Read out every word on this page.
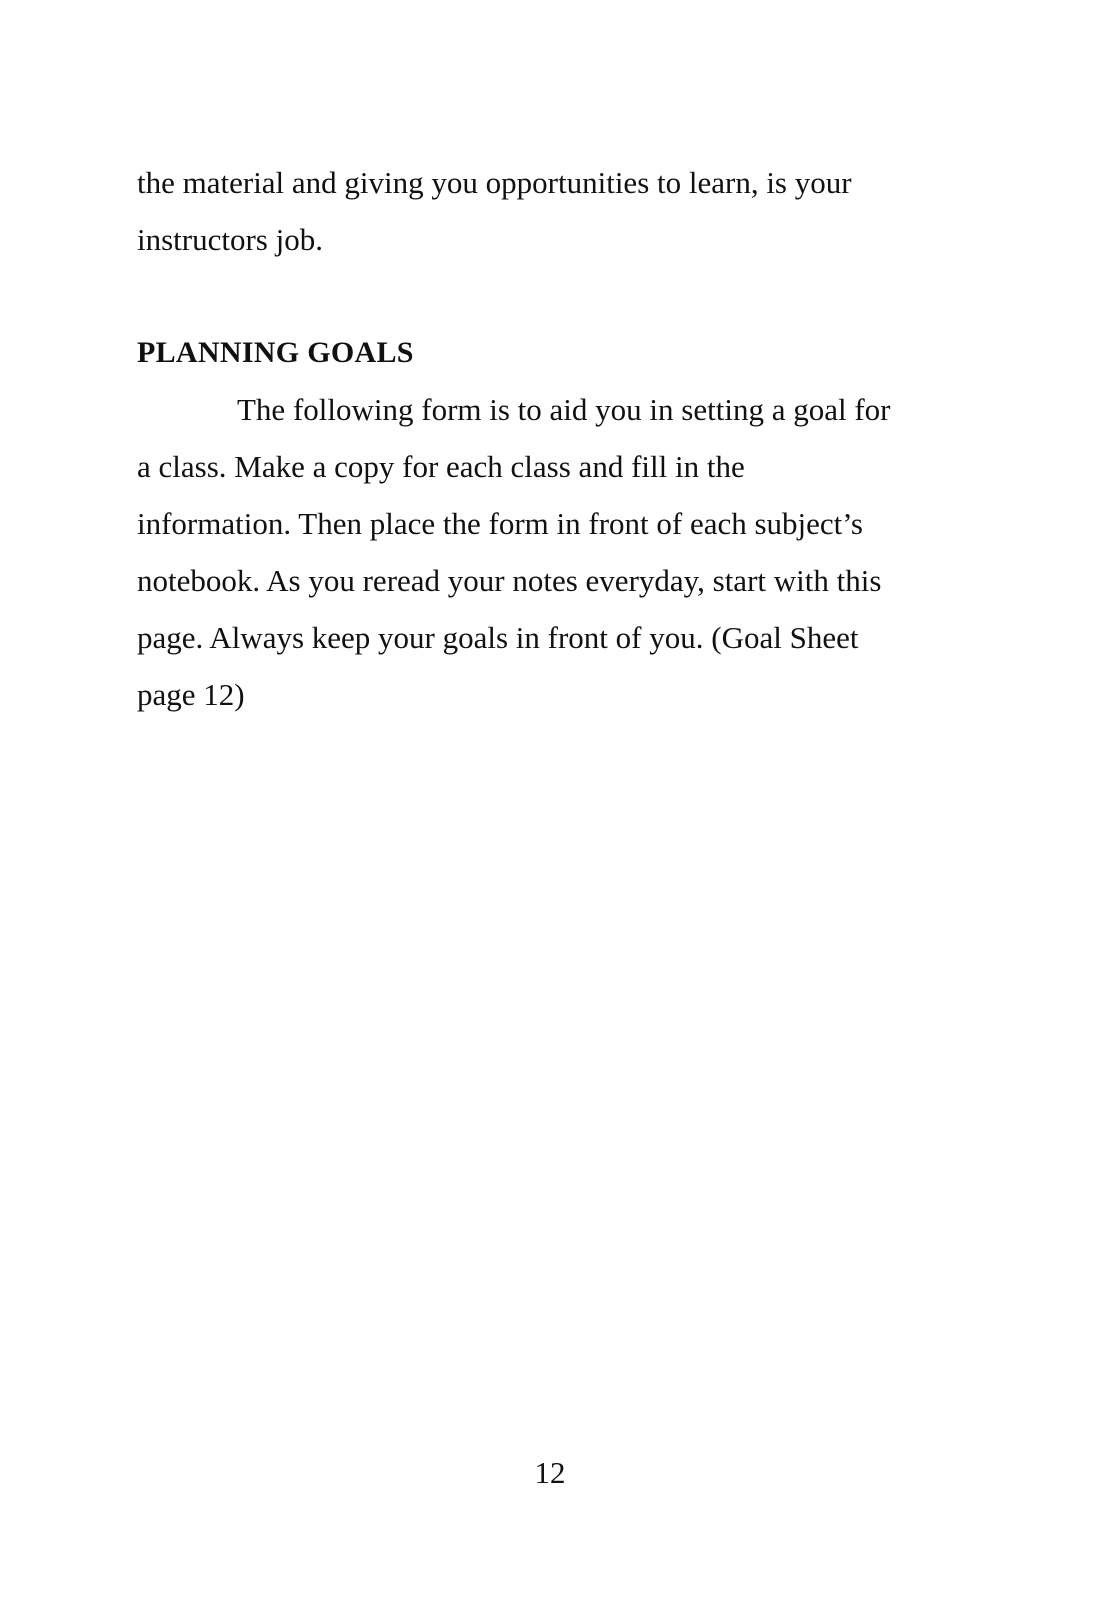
the material and giving you opportunities to learn, is your
instructors job.

PLANNING GOALS

The following form is to aid you in setting a goal for
a class. Make a copy for each class and fill in the
information. Then place the form in front of each subject’s
notebook. As you reread your notes everyday, start with this
page. Always keep your goals in front of you. (Goal Sheet
page 12)

12
